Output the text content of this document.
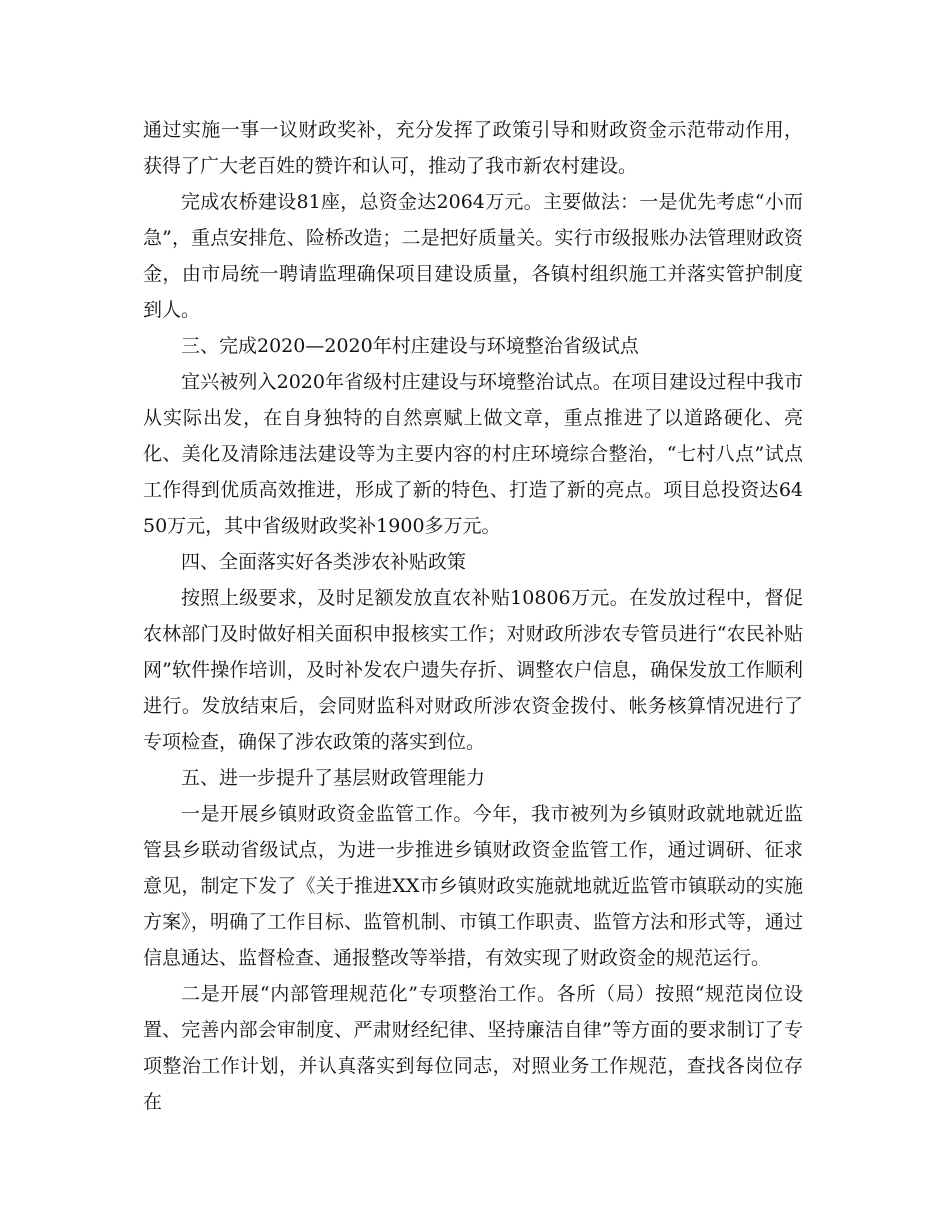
通过实施一事一议财政奖补，充分发挥了政策引导和财政资金示范带动作用，获得了广大老百姓的赞许和认可，推动了我市新农村建设。

完成农桥建设81座，总资金达2064万元。主要做法：一是优先考虑“小而急”，重点安排危、险桥改造；二是把好质量关。实行市级报账办法管理财政资金，由市局统一聘请监理确保项目建设质量，各镇村组织施工并落实管护制度到人。

三、完成2020—2020年村庄建设与环境整治省级试点

宜兴被列入2020年省级村庄建设与环境整治试点。在项目建设过程中我市从实际出发，在自身独特的自然禀赋上做文章，重点推进了以道路硬化、亮化、美化及清除违法建设等为主要内容的村庄环境综合整治，“七村八点”试点工作得到优质高效推进，形成了新的特色、打造了新的亮点。项目总投资达6450万元，其中省级财政奖补1900多万元。

四、全面落实好各类涉农补贴政策

按照上级要求，及时足额发放直农补贴10806万元。在发放过程中，督促农林部门及时做好相关面积申报核实工作；对财政所涉农专管员进行“农民补贴网”软件操作培训，及时补发农户遗失存折、调整农户信息，确保发放工作顺利进行。发放结束后，会同财监科对财政所涉农资金拨付、帐务核算情况进行了专项检查，确保了涉农政策的落实到位。

五、进一步提升了基层财政管理能力

一是开展乡镇财政资金监管工作。今年，我市被列为乡镇财政就地就近监管县乡联动省级试点，为进一步推进乡镇财政资金监管工作，通过调研、征求意见，制定下发了《关于推进XX市乡镇财政实施就地就近监管市镇联动的实施方案》，明确了工作目标、监管机制、市镇工作职责、监管方法和形式等，通过信息通达、监督检查、通报整改等举措，有效实现了财政资金的规范运行。

二是开展“内部管理规范化”专项整治工作。各所（局）按照“规范岗位设置、完善内部会审制度、严肃财经纪律、坚持廉洁自律”等方面的要求制订了专项整治工作计划，并认真落实到每位同志，对照业务工作规范，查找各岗位存在
